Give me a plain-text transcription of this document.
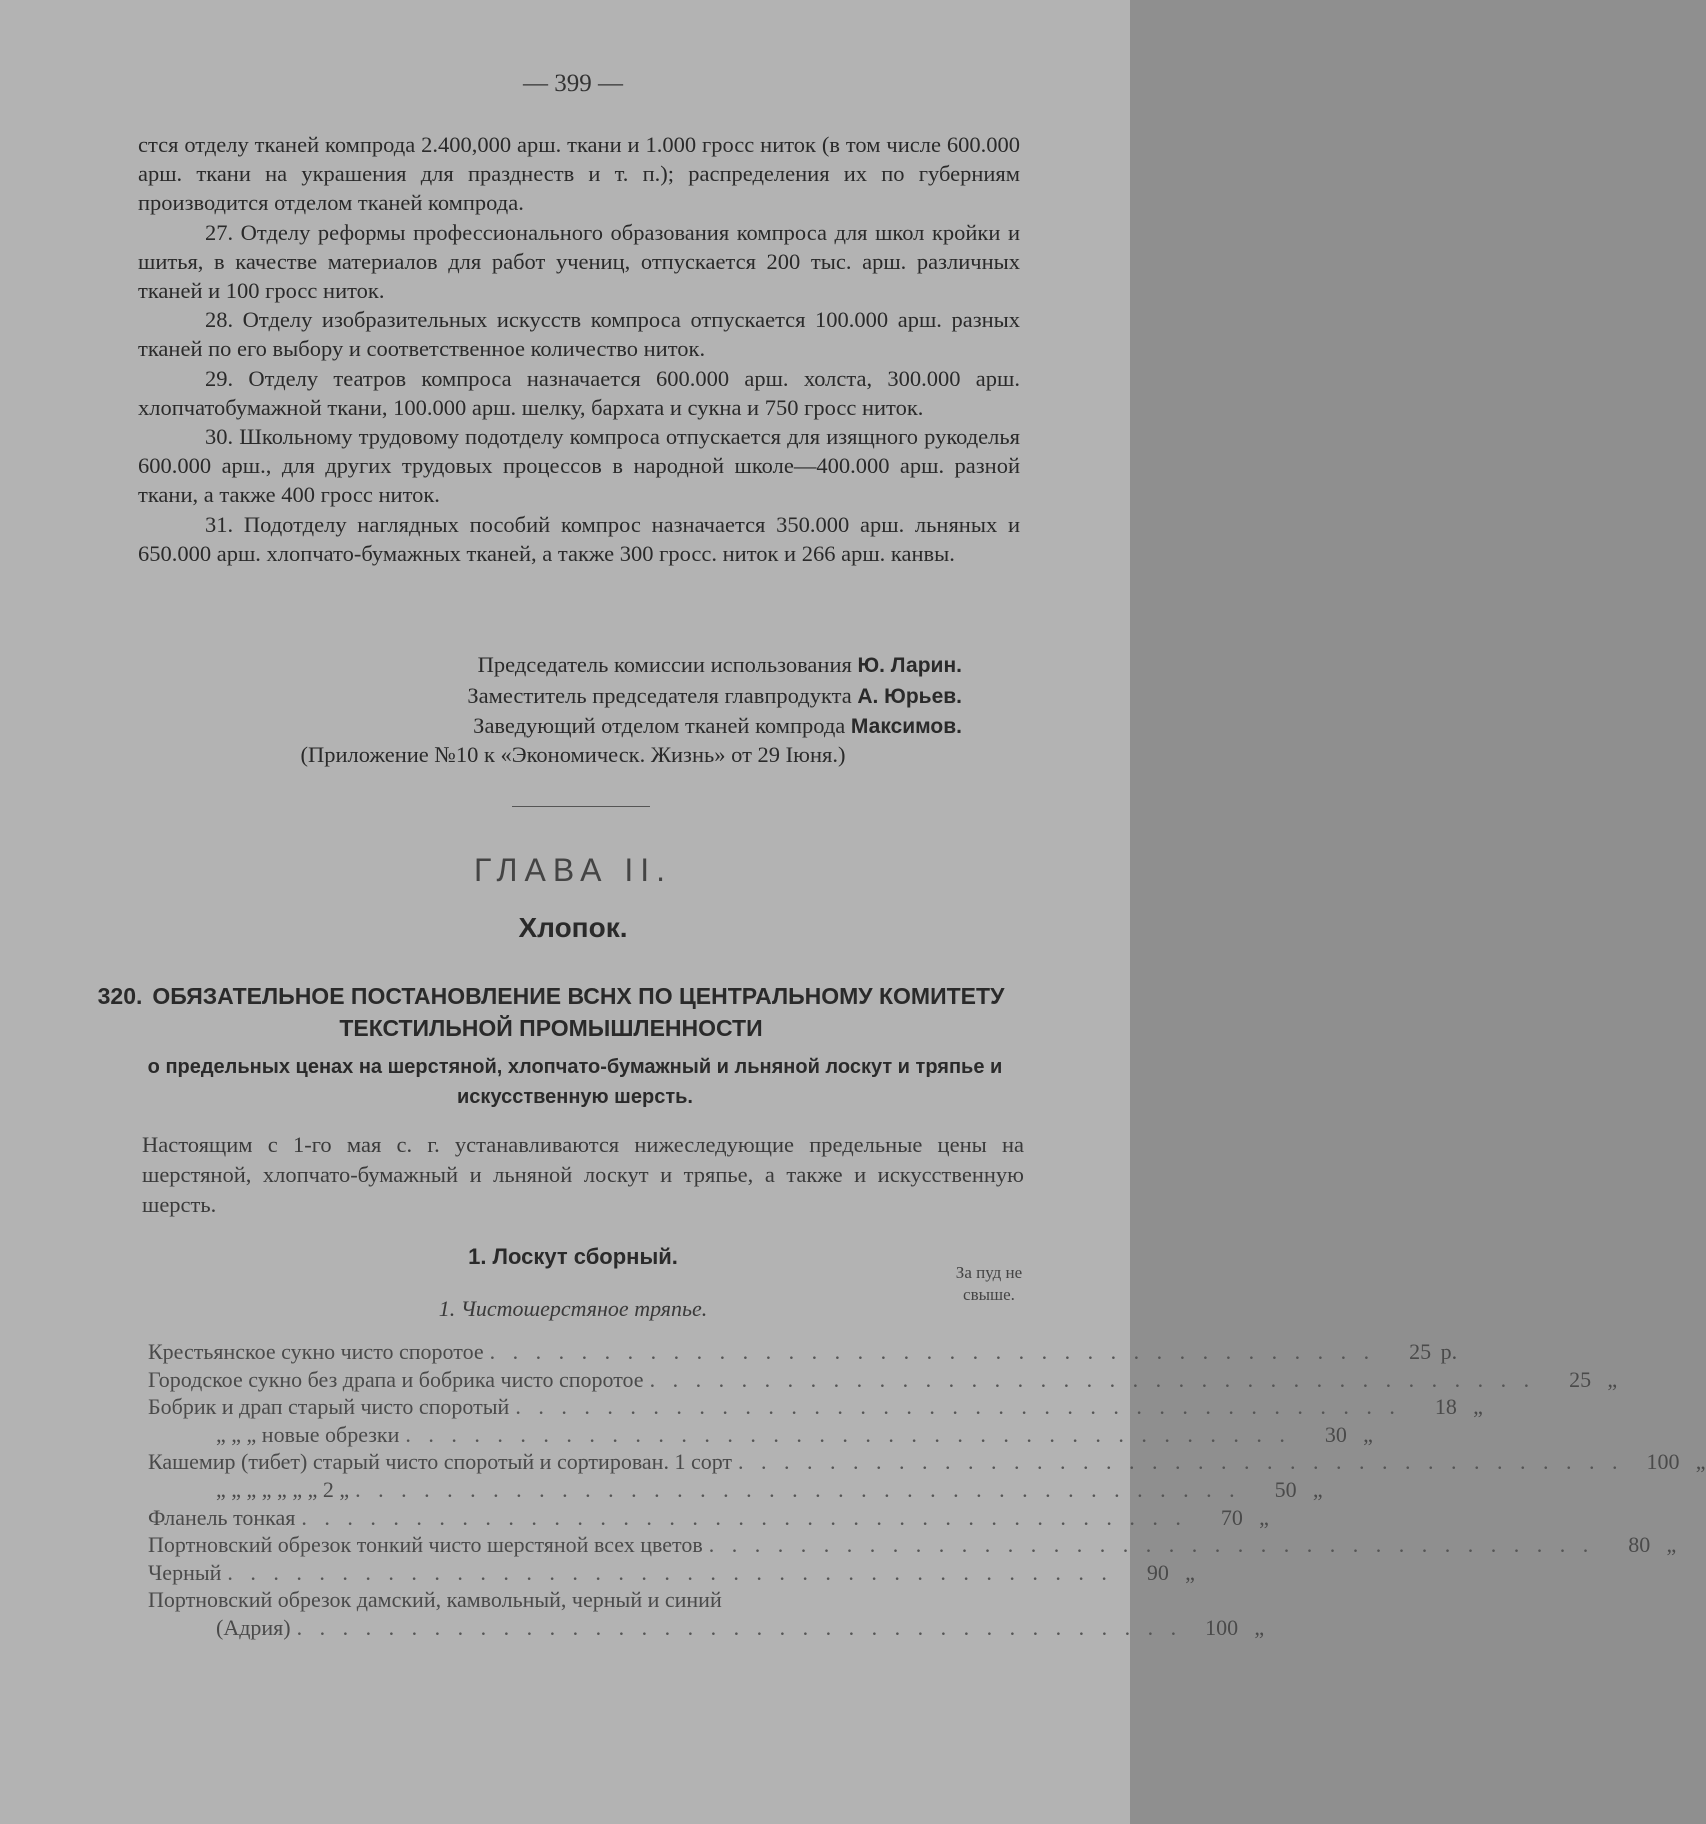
— 399 —

стся отделу тканей компрода 2.400,000 арш. ткани и 1.000 гросс ниток (в том числе 600.000 арш. ткани на украшения для празднеств и т. п.); распределения их по губерниям производится отделом тканей компрода.

27. Отделу реформы профессионального образования компроса для школ кройки и шитья, в качестве материалов для работ учениц, отпускается 200 тыс. арш. различных тканей и 100 гросс ниток.

28. Отделу изобразительных искусств компроса отпускается 100.000 арш. разных тканей по его выбору и соответственное количество ниток.

29. Отделу театров компроса назначается 600.000 арш. холста, 300.000 арш. хлопчатобумажной ткани, 100.000 арш. шелку, бархата и сукна и 750 гросс ниток.

30. Школьному трудовому подотделу компроса отпускается для изящного рукоделья 600.000 арш., для других трудовых процессов в народной школе—400.000 арш. разной ткани, а также 400 гросс ниток.

31. Подотделу наглядных пособий компрос назначается 350.000 арш. льняных и 650.000 арш. хлопчато-бумажных тканей, а также 300 гросс. ниток и 266 арш. канвы.

Председатель комиссии использования Ю. Ларин.
Заместитель председателя главпродукта А. Юрьев.
Заведующий отделом тканей компрода Максимов.
(Приложение №10 к «Экономическ. Жизнь» от 29 Iюня.)
ГЛАВА II.
Хлопок.
320. ОБЯЗАТЕЛЬНОЕ ПОСТАНОВЛЕНИЕ ВСНХ ПО ЦЕНТРАЛЬНОМУ КОМИТЕТУ ТЕКСТИЛЬНОЙ ПРОМЫШЛЕННОСТИ
о предельных ценах на шерстяной, хлопчато-бумажный и льняной лоскут и тряпье и искусственную шерсть.
Настоящим с 1-го мая с. г. устанавливаются нижеследующие предельные цены на шерстяной, хлопчато-бумажный и льняной лоскут и тряпье, а также и искусственную шерсть.
1. Лоскут сборный.
За пуд не свыше.
1. Чистошерстяное тряпье.
Крестьянское сукно чисто споротое . . . . . . . . . . . . . . . . . . . . . . . . . . . . . . . . . . . . . . .	25 р.
Городское сукно без драпа и бобрика чисто споротое . . . . . . . . . . . . . . . . . . . . . . . . . . . . . . . . . . . . . . .	25 „
Бобрик и драп старый чисто споротый . . . . . . . . . . . . . . . . . . . . . . . . . . . . . . . . . . . . . . .	18 „
„ „ „ новые обрезки . . . . . . . . . . . . . . . . . . . . . . . . . . . . . . . . . . . . . . .	30 „
Кашемир (тибет) старый чисто споротый и сортирован. 1 сорт . . . . . . . . . . . . . . . . . . . . . . . . . . . . . . . . . . . . . . .	100 „
„ „ „ „ „ „ „ 2 „ . . . . . . . . . . . . . . . . . . . . . . . . . . . . . . . . . . . . . . .	50 „
Фланель тонкая . . . . . . . . . . . . . . . . . . . . . . . . . . . . . . . . . . . . . . .	70 „
Портновский обрезок тонкий чисто шерстяной всех цветов . . . . . . . . . . . . . . . . . . . . . . . . . . . . . . . . . . . . . . .	80 „
Черный . . . . . . . . . . . . . . . . . . . . . . . . . . . . . . . . . . . . . . .	90 „
Портновский обрезок дамский, камвольный, черный и синий
(Адрия) . . . . . . . . . . . . . . . . . . . . . . . . . . . . . . . . . . . . . . .	100 „
